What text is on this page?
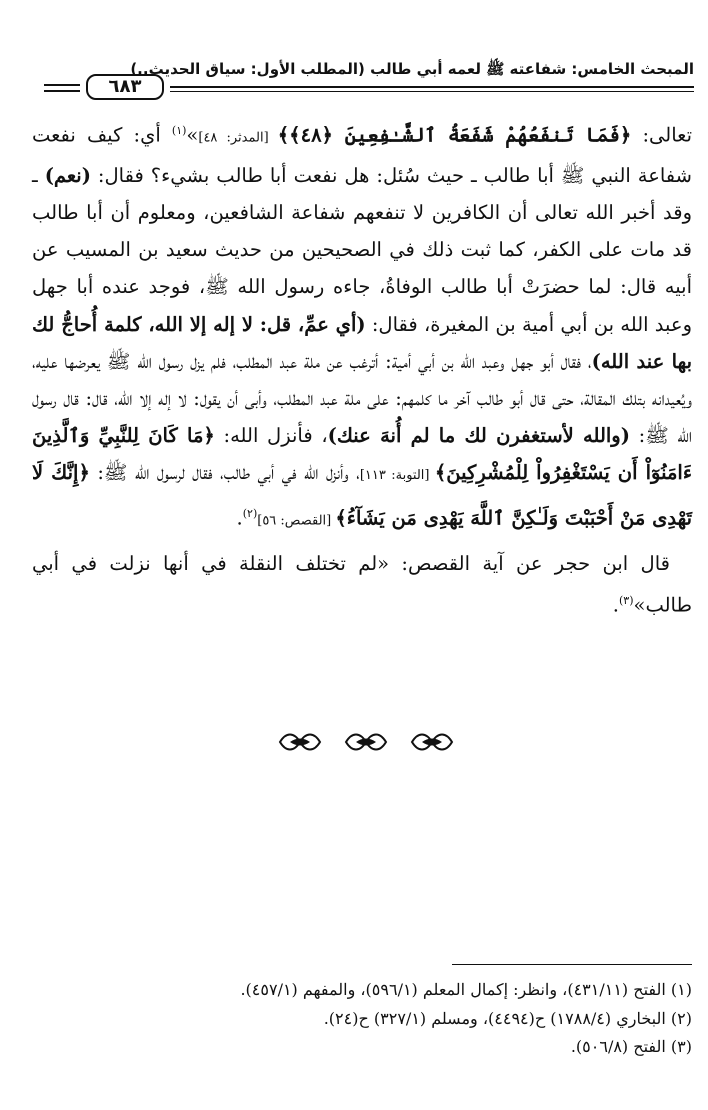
المبحث الخامس: شفاعته ﷺ لعمه أبي طالب (المطلب الأول: سياق الحديث..)
٦٨٣

تعالى: ﴿فَمَا تَنفَعُهُمْ شَفَعَةُ ٱلشَّـٰفِعِينَ ﴿٤٨﴾﴾ [المدثر: ٤٨]»$^{(١)}$ أي: كيف نفعت شفاعة النبي ﷺ أبا طالب ـ حيث سُئل: هل نفعت أبا طالب بشيء؟ فقال: (نعم) ـ وقد أخبر الله تعالى أن الكافرين لا تنفعهم شفاعة الشافعين، ومعلوم أن أبا طالب قد مات على الكفر، كما ثبت ذلك في الصحيحين من حديث سعيد بن المسيب عن أبيه قال: لما حضرَتْ أبا طالب الوفاةُ، جاءه رسول الله ﷺ، فوجد عنده أبا جهل وعبد الله بن أبي أمية بن المغيرة، فقال: (أي عمِّ، قل: لا إله إلا الله، كلمة أُحاجُّ لك بها عند الله)، فقال أبو جهل وعبد الله بن أبي أمية: أترغب عن ملة عبد المطلب، فلم يزل رسول الله ﷺ يعرضها عليه، ويُعيدانه بتلك المقالة، حتى قال أبو طالب آخر ما كلمهم: على ملة عبد المطلب، وأبى أن يقول: لا إله إلا الله، قال: قال رسول الله ﷺ: (والله لأستغفرن لك ما لم أُنهَ عنك)، فأنزل الله: ﴿مَا كَانَ لِلنَّبِيِّ وَٱلَّذِينَ ءَامَنُوٓاْ أَن يَسْتَغْفِرُواْ لِلْمُشْرِكِينَ﴾ [التوبة: ١١٣]، وأنزل الله في أبي طالب، فقال لرسول الله ﷺ: ﴿إِنَّكَ لَا تَهْدِى مَنْ أَحْبَبْتَ وَلَـٰكِنَّ ٱللَّهَ يَهْدِى مَن يَشَآءُ﴾ [القصص: ٥٦]$^{(٢)}$.

قال ابن حجر عن آية القصص: «لم تختلف النقلة في أنها نزلت في أبي طالب»$^{(٣)}$.

(١) الفتح (٤٣١/١١)، وانظر: إكمال المعلم (٥٩٦/١)، والمفهم (٤٥٧/١).
(٢) البخاري (١٧٨٨/٤) ح(٤٤٩٤)، ومسلم (٣٢٧/١) ح(٢٤).
(٣) الفتح (٥٠٦/٨).
